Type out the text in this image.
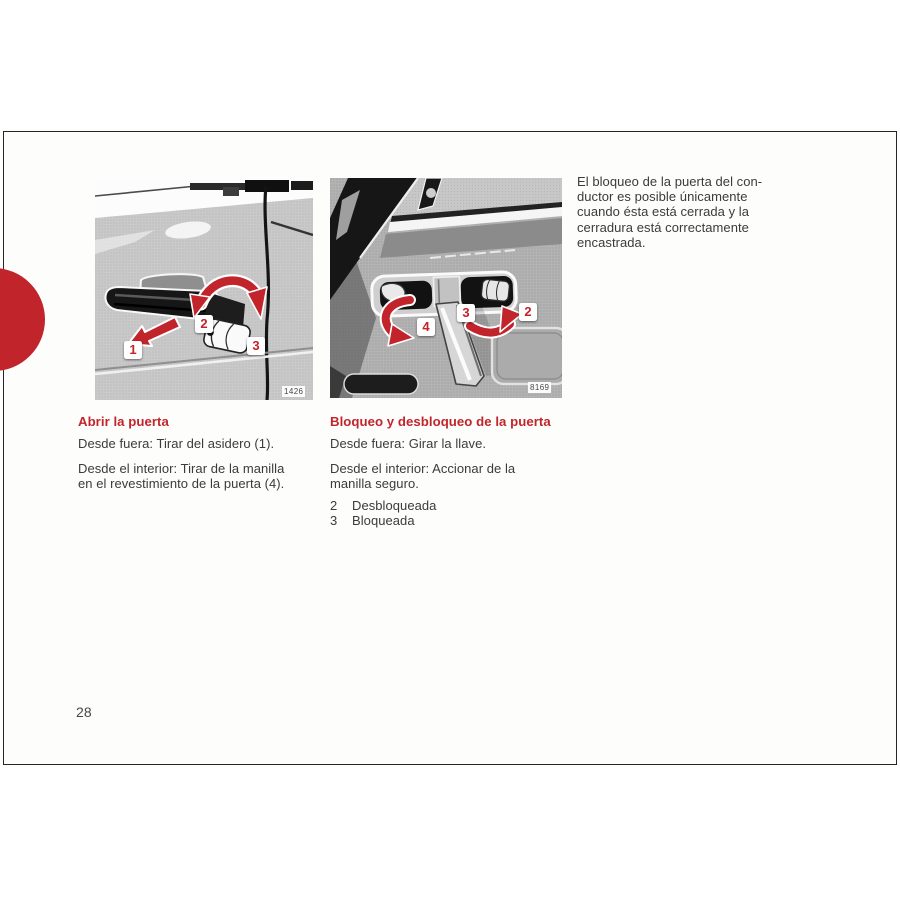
1
2
3
1426
4
3	2
8169
El bloqueo de la puerta del con-
ductor es posible únicamente
cuando ésta está cerrada y la
cerradura está correctamente
encastrada.
Abrir la puerta
Desde fuera: Tirar del asidero (1).
Desde el interior: Tirar de la manilla
en el revestimiento de la puerta (4).
Bloqueo y desbloqueo de la puerta
Desde fuera: Girar la llave.
Desde el interior: Accionar de la
manilla seguro.
2	Desbloqueada
3	Bloqueada
28
